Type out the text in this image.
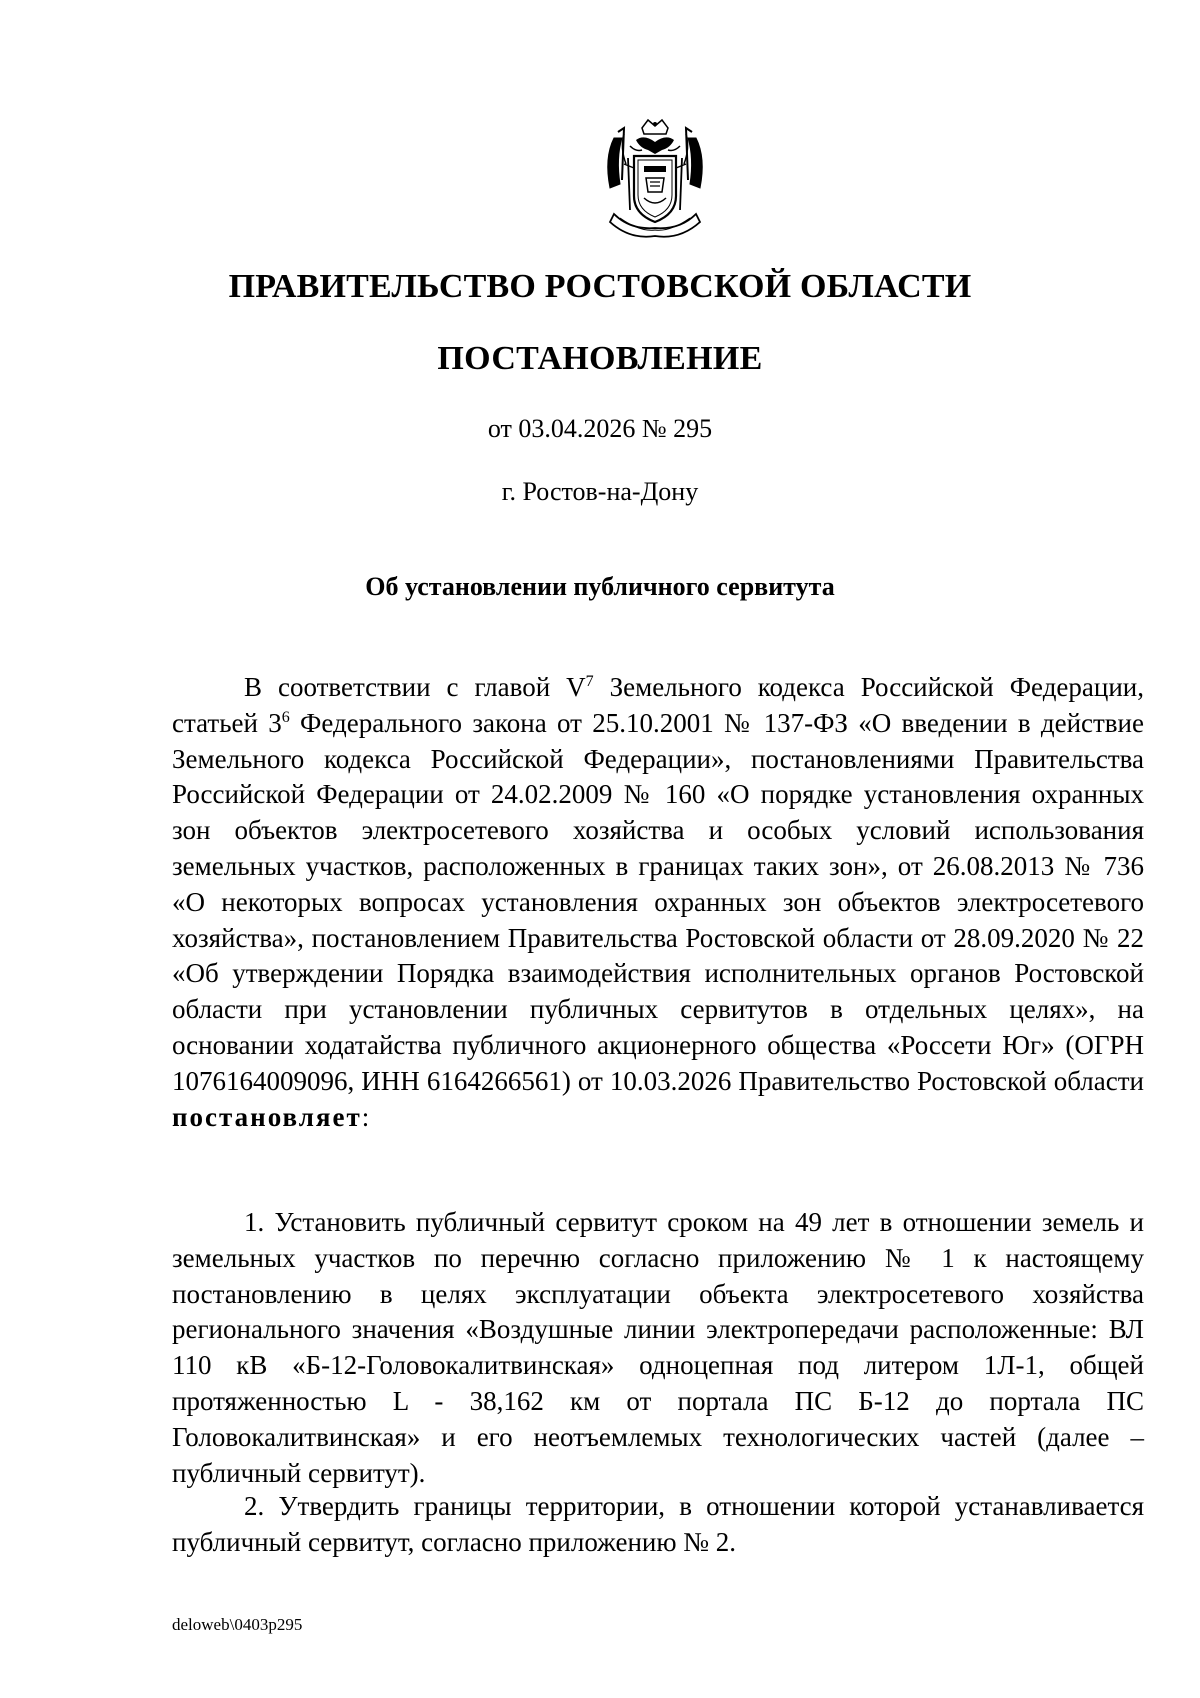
ПРАВИТЕЛЬСТВО РОСТОВСКОЙ ОБЛАСТИ
ПОСТАНОВЛЕНИЕ
от 03.04.2026 № 295
г. Ростов-на-Дону
Об установлении публичного сервитута

В соответствии с главой $V^7$ Земельного кодекса Российской Федерации, статьей $3^6$ Федерального закона от 25.10.2001 № 137-ФЗ «О введении в действие Земельного кодекса Российской Федерации», постановлениями Правительства Российской Федерации от 24.02.2009 № 160 «О порядке установления охранных зон объектов электросетевого хозяйства и особых условий использования земельных участков, расположенных в границах таких зон», от 26.08.2013 № 736 «О некоторых вопросах установления охранных зон объектов электросетевого хозяйства», постановлением Правительства Ростовской области от 28.09.2020 № 22 «Об утверждении Порядка взаимодействия исполнительных органов Ростовской области при установлении публичных сервитутов в отдельных целях», на основании ходатайства публичного акционерного общества «Россети Юг» (ОГРН 1076164009096, ИНН 6164266561) от 10.03.2026 Правительство Ростовской области постановляет:

1. Установить публичный сервитут сроком на 49 лет в отношении земель и земельных участков по перечню согласно приложению № 1 к настоящему постановлению в целях эксплуатации объекта электросетевого хозяйства регионального значения «Воздушные линии электропередачи расположенные: ВЛ 110 кВ «Б-12-Головокалитвинская» одноцепная под литером 1Л-1, общей протяженностью L - 38,162 км от портала ПС Б-12 до портала ПС Головокалитвинская» и его неотъемлемых технологических частей (далее – публичный сервитут).

2. Утвердить границы территории, в отношении которой устанавливается публичный сервитут, согласно приложению № 2.

deloweb\0403p295
